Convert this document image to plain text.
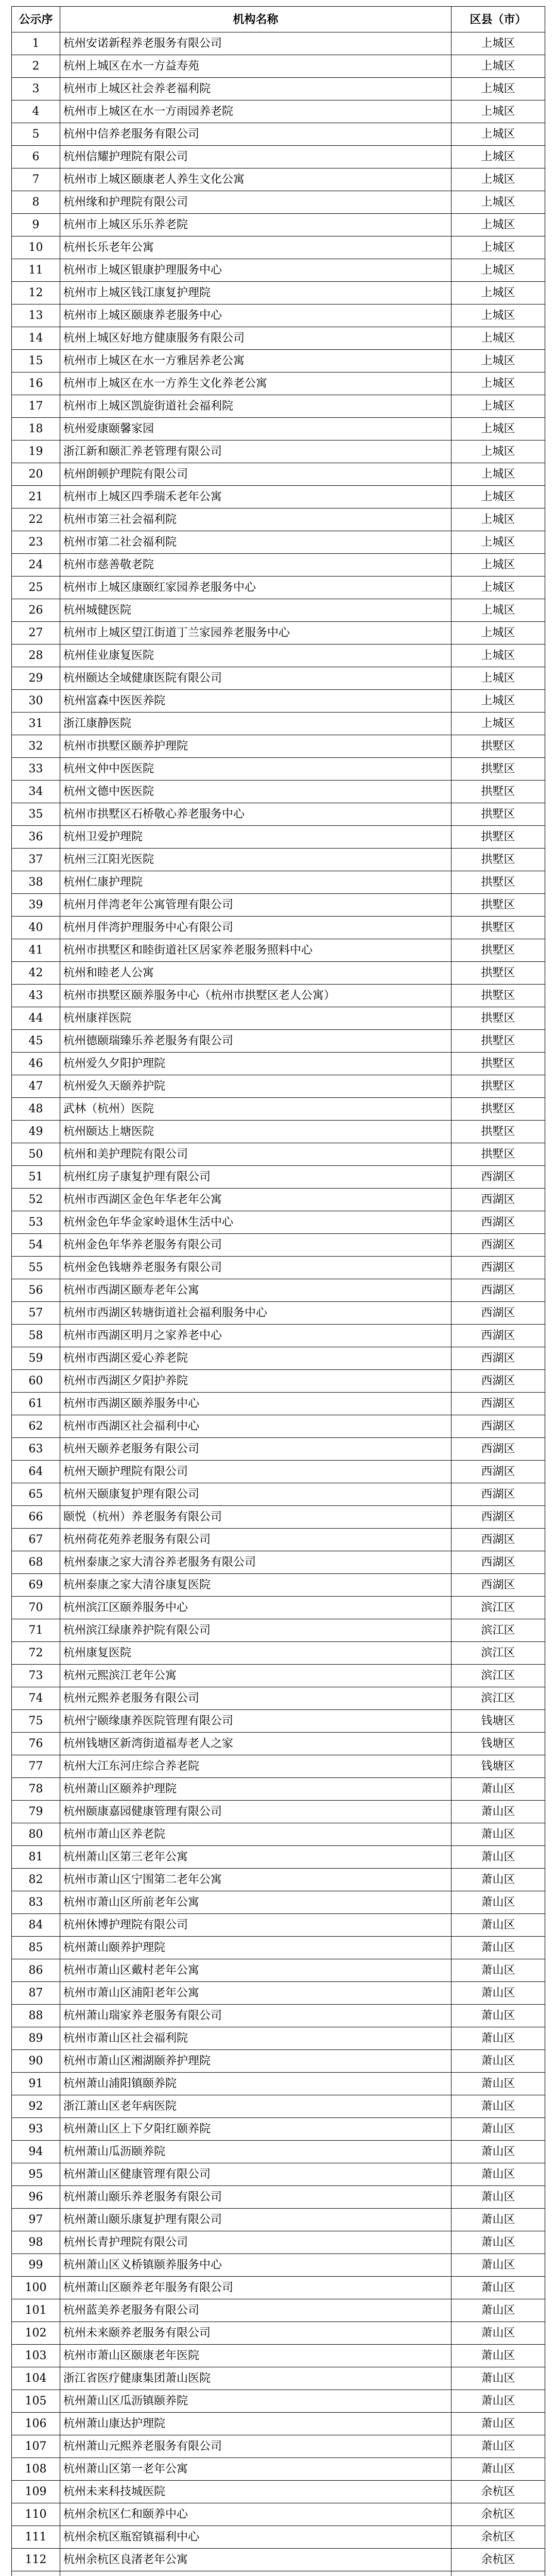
公示序	机构名称	区县（市）
1	杭州安诺新程养老服务有限公司	上城区
2	杭州上城区在水一方益寿苑	上城区
3	杭州市上城区社会养老福利院	上城区
4	杭州市上城区在水一方雨园养老院	上城区
5	杭州中信养老服务有限公司	上城区
6	杭州信耀护理院有限公司	上城区
7	杭州市上城区颐康老人养生文化公寓	上城区
8	杭州缘和护理院有限公司	上城区
9	杭州市上城区乐乐养老院	上城区
10	杭州长乐老年公寓	上城区
11	杭州市上城区银康护理服务中心	上城区
12	杭州市上城区钱江康复护理院	上城区
13	杭州市上城区颐康养老服务中心	上城区
14	杭州上城区好地方健康服务有限公司	上城区
15	杭州市上城区在水一方雅居养老公寓	上城区
16	杭州市上城区在水一方养生文化养老公寓	上城区
17	杭州市上城区凯旋街道社会福利院	上城区
18	杭州爱康颐馨家园	上城区
19	浙江新和颐汇养老管理有限公司	上城区
20	杭州朗顿护理院有限公司	上城区
21	杭州市上城区四季瑞禾老年公寓	上城区
22	杭州市第三社会福利院	上城区
23	杭州市第二社会福利院	上城区
24	杭州市慈善敬老院	上城区
25	杭州市上城区康颐红家园养老服务中心	上城区
26	杭州城健医院	上城区
27	杭州市上城区望江街道丁兰家园养老服务中心	上城区
28	杭州佳业康复医院	上城区
29	杭州颐达全域健康医院有限公司	上城区
30	杭州富森中医医养院	上城区
31	浙江康静医院	上城区
32	杭州市拱墅区颐养护理院	拱墅区
33	杭州文仲中医医院	拱墅区
34	杭州文德中医医院	拱墅区
35	杭州市拱墅区石桥敬心养老服务中心	拱墅区
36	杭州卫爱护理院	拱墅区
37	杭州三江阳光医院	拱墅区
38	杭州仁康护理院	拱墅区
39	杭州月伴湾老年公寓管理有限公司	拱墅区
40	杭州月伴湾护理服务中心有限公司	拱墅区
41	杭州市拱墅区和睦街道社区居家养老服务照料中心	拱墅区
42	杭州和睦老人公寓	拱墅区
43	杭州市拱墅区颐养服务中心（杭州市拱墅区老人公寓）	拱墅区
44	杭州康祥医院	拱墅区
45	杭州德颐瑞臻乐养老服务有限公司	拱墅区
46	杭州爱久夕阳护理院	拱墅区
47	杭州爱久天颐养护院	拱墅区
48	武林（杭州）医院	拱墅区
49	杭州颐达上塘医院	拱墅区
50	杭州和美护理院有限公司	拱墅区
51	杭州红房子康复护理有限公司	西湖区
52	杭州市西湖区金色年华老年公寓	西湖区
53	杭州金色年华金家岭退休生活中心	西湖区
54	杭州金色年华养老服务有限公司	西湖区
55	杭州金色钱塘养老服务有限公司	西湖区
56	杭州市西湖区颐寿老年公寓	西湖区
57	杭州市西湖区转塘街道社会福利服务中心	西湖区
58	杭州市西湖区明月之家养老中心	西湖区
59	杭州市西湖区爱心养老院	西湖区
60	杭州市西湖区夕阳护养院	西湖区
61	杭州市西湖区颐养服务中心	西湖区
62	杭州市西湖区社会福利中心	西湖区
63	杭州天颐养老服务有限公司	西湖区
64	杭州天颐护理院有限公司	西湖区
65	杭州天颐康复护理有限公司	西湖区
66	颐悦（杭州）养老服务有限公司	西湖区
67	杭州荷花苑养老服务有限公司	西湖区
68	杭州泰康之家大清谷养老服务有限公司	西湖区
69	杭州泰康之家大清谷康复医院	西湖区
70	杭州滨江区颐养服务中心	滨江区
71	杭州滨江绿康养护院有限公司	滨江区
72	杭州康复医院	滨江区
73	杭州元熙滨江老年公寓	滨江区
74	杭州元熙养老服务有限公司	滨江区
75	杭州宁颐缘康养医院管理有限公司	钱塘区
76	杭州钱塘区新湾街道福寿老人之家	钱塘区
77	杭州大江东河庄综合养老院	钱塘区
78	杭州萧山区颐养护理院	萧山区
79	杭州颐康嘉园健康管理有限公司	萧山区
80	杭州市萧山区养老院	萧山区
81	杭州萧山区第三老年公寓	萧山区
82	杭州市萧山区宁围第二老年公寓	萧山区
83	杭州市萧山区所前老年公寓	萧山区
84	杭州休博护理院有限公司	萧山区
85	杭州萧山颐养护理院	萧山区
86	杭州市萧山区戴村老年公寓	萧山区
87	杭州市萧山区浦阳老年公寓	萧山区
88	杭州萧山瑞家养老服务有限公司	萧山区
89	杭州市萧山区社会福利院	萧山区
90	杭州市萧山区湘湖颐养护理院	萧山区
91	杭州萧山浦阳镇颐养院	萧山区
92	浙江萧山区老年病医院	萧山区
93	杭州萧山区上下夕阳红颐养院	萧山区
94	杭州萧山瓜沥颐养院	萧山区
95	杭州萧山区健康管理有限公司	萧山区
96	杭州萧山颐乐养老服务有限公司	萧山区
97	杭州萧山颐乐康复护理有限公司	萧山区
98	杭州长青护理院有限公司	萧山区
99	杭州萧山区义桥镇颐养服务中心	萧山区
100	杭州萧山区颐养老年服务有限公司	萧山区
101	杭州蓝美养老服务有限公司	萧山区
102	杭州未来颐养老服务有限公司	萧山区
103	杭州市萧山区颐康老年医院	萧山区
104	浙江省医疗健康集团萧山医院	萧山区
105	杭州萧山区瓜沥镇颐养院	萧山区
106	杭州萧山康达护理院	萧山区
107	杭州萧山元熙养老服务有限公司	萧山区
108	杭州萧山区第一老年公寓	萧山区
109	杭州未来科技城医院	余杭区
110	杭州余杭区仁和颐养中心	余杭区
111	杭州余杭区瓶窑镇福利中心	余杭区
112	杭州余杭区良渚老年公寓	余杭区
